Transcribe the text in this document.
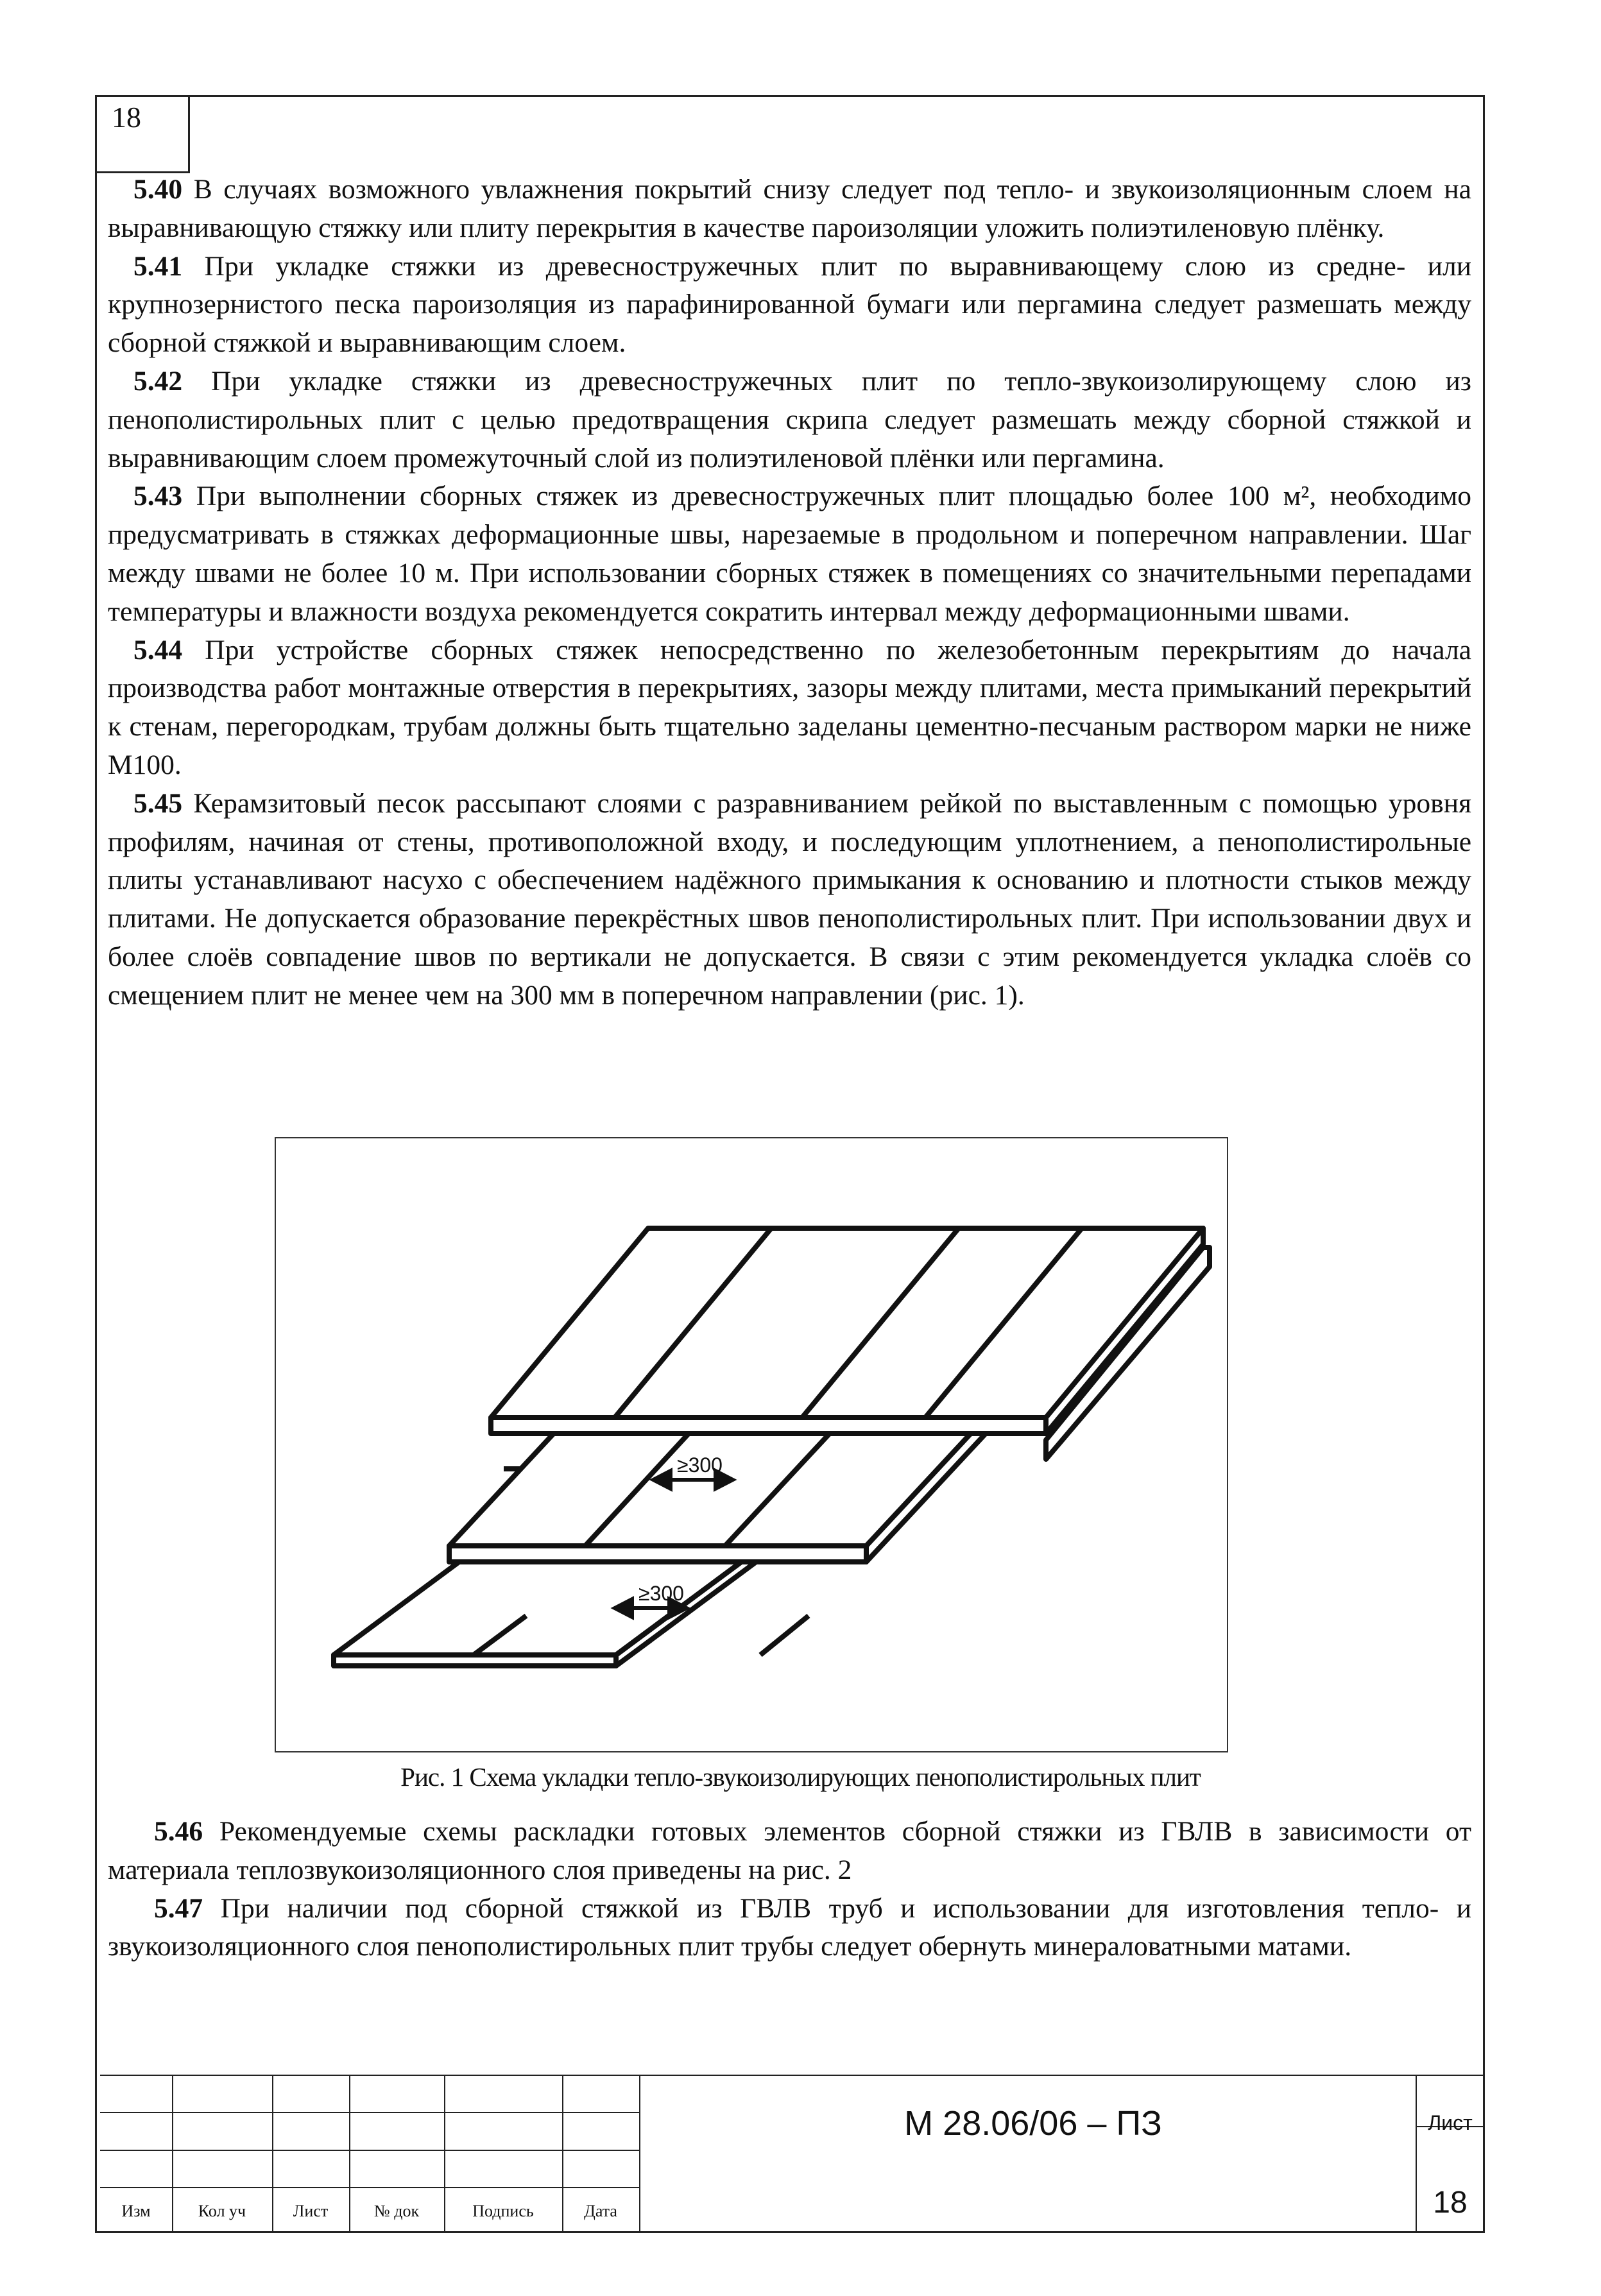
18

5.40 В случаях возможного увлажнения покрытий снизу следует под тепло- и звукоизоляционным слоем на выравнивающую стяжку или плиту перекрытия в качестве пароизоляции уложить полиэтиленовую плёнку.

5.41 При укладке стяжки из древесностружечных плит по выравнивающему слою из средне- или крупнозернистого песка пароизоляция из парафинированной бумаги или пергамина следует размешать между сборной стяжкой и выравнивающим слоем.

5.42 При укладке стяжки из древесностружечных плит по тепло-звукоизолирующему слою из пенополистирольных плит с целью предотвращения скрипа следует размешать между сборной стяжкой и выравнивающим слоем промежуточный слой из полиэтиленовой плёнки или пергамина.

5.43 При выполнении сборных стяжек из древесностружечных плит площадью более 100 м², необходимо предусматривать в стяжках деформационные швы, нарезаемые в продольном и поперечном направлении. Шаг между швами не более 10 м. При использовании сборных стяжек в помещениях со значительными перепадами температуры и влажности воздуха рекомендуется сократить интервал между деформационными швами.

5.44 При устройстве сборных стяжек непосредственно по железобетонным перекрытиям до начала производства работ монтажные отверстия в перекрытиях, зазоры между плитами, места примыканий перекрытий к стенам, перегородкам, трубам должны быть тщательно заделаны цементно-песчаным раствором марки не ниже М100.

5.45 Керамзитовый песок рассыпают слоями с разравниванием рейкой по выставленным с помощью уровня профилям, начиная от стены, противоположной входу, и последующим уплотнением, а пенополистирольные плиты устанавливают насухо с обеспечением надёжного примыкания к основанию и плотности стыков между плитами. Не допускается образование перекрёстных швов пенополистирольных плит. При использовании двух и более слоёв совпадение швов по вертикали не допускается. В связи с этим рекомендуется укладка слоёв со смещением плит не менее чем на 300 мм в поперечном направлении (рис. 1).

≥300
≥300
Рис. 1 Схема укладки тепло-звукоизолирующих пенополистирольных плит

5.46 Рекомендуемые схемы раскладки готовых элементов сборной стяжки из ГВЛВ в зависимости от материала теплозвукоизоляционного слоя приведены на рис. 2

5.47 При наличии под сборной стяжкой из ГВЛВ труб и использовании для изготовления тепло- и звукоизоляционного слоя пенополистирольных плит трубы следует обернуть минераловатными матами.

Изм	Кол уч	Лист	№ док	Подпись	Дата
М 28.06/06 – ПЗ	Лист
18
